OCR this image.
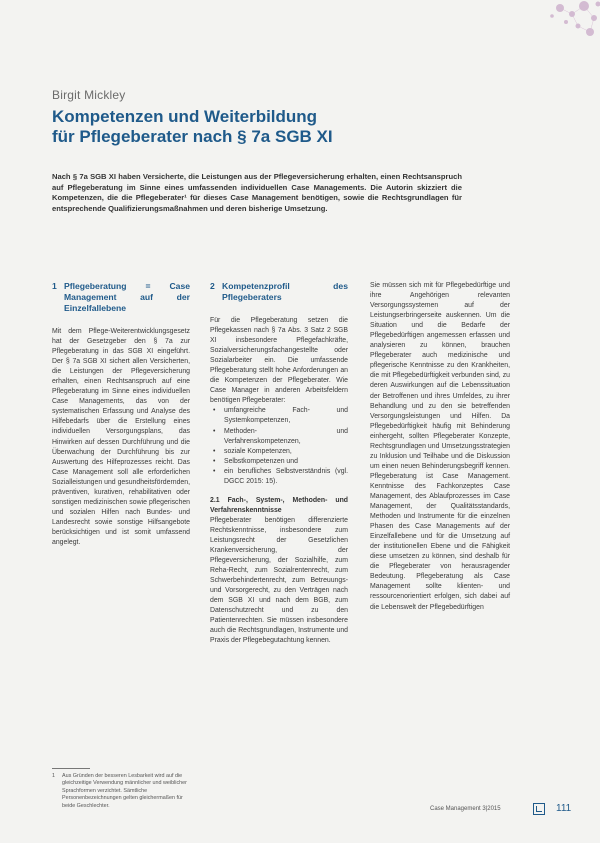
Birgit Mickley
Kompetenzen und Weiterbildung
für Pflegeberater nach § 7a SGB XI
Nach § 7a SGB XI haben Versicherte, die Leistungen aus der Pflegeversicherung erhalten, einen Rechtsanspruch auf Pflegeberatung im Sinne eines umfassenden individuellen Case Managements. Die Autorin skizziert die Kompetenzen, die die Pflegeberater¹ für dieses Case Management benötigen, sowie die Rechtsgrundlagen für entsprechende Qualifizierungsmaßnahmen und deren bisherige Umsetzung.
1 Pflegeberatung = Case Management auf der Einzelfallebene

Mit dem Pflege-Weiterentwicklungsgesetz hat der Gesetzgeber den § 7a zur Pflegeberatung in das SGB XI eingeführt. Der § 7a SGB XI sichert allen Versicherten, die Leistungen der Pflegeversicherung erhalten, einen Rechtsanspruch auf eine Pflegeberatung im Sinne eines individuellen Case Managements, das von der systematischen Erfassung und Analyse des Hilfebedarfs über die Erstellung eines individuellen Versorgungsplans, das Hinwirken auf dessen Durchführung und die Überwachung der Durchführung bis zur Auswertung des Hilfeprozesses reicht. Das Case Management soll alle erforderlichen Sozialleistungen und gesundheitsfördernden, präventiven, kurativen, rehabilitativen oder sonstigen medizinischen sowie pflegerischen und sozialen Hilfen nach Bundes- und Landesrecht sowie sonstige Hilfsangebote berücksichtigen und ist somit umfassend angelegt.

2 Kompetenzprofil des Pflegeberaters

Für die Pflegeberatung setzen die Pflegekassen nach § 7a Abs. 3 Satz 2 SGB XI insbesondere Pflegefachkräfte, Sozialversicherungsfachangestellte oder Sozialarbeiter ein. Die umfassende Pflegeberatung stellt hohe Anforderungen an die Kompetenzen der Pflegeberater. Wie Case Manager in anderen Arbeitsfeldern benötigen Pflegeberater:

• umfangreiche Fach- und Systemkompetenzen,
• Methoden- und Verfahrenskompetenzen,
• soziale Kompetenzen,
• Selbstkompetenzen und
• ein berufliches Selbstverständnis (vgl. DGCC 2015: 15).
2.1 Fach-, System-, Methoden- und Verfahrenskenntnisse

Pflegeberater benötigen differenzierte Rechtskenntnisse, insbesondere zum Leistungsrecht der Gesetzlichen Krankenversicherung, der Pflegeversicherung, der Sozialhilfe, zum Reha-Recht, zum Sozialrentenrecht, zum Schwerbehindertenrecht, zum Betreuungs- und Vorsorgerecht, zu den Verträgen nach dem SGB XI und nach dem BGB, zum Datenschutzrecht und zu den Patientenrechten. Sie müssen insbesondere auch die Rechtsgrundlagen, Instrumente und Praxis der Pflegebegutachtung kennen.

Sie müssen sich mit für Pflegebedürftige und ihre Angehörigen relevanten Versorgungssystemen auf der Leistungserbringerseite auskennen. Um die Situation und die Bedarfe der Pflegebedürftigen angemessen erfassen und analysieren zu können, brauchen Pflegeberater auch medizinische und pflegerische Kenntnisse zu den Krankheiten, die mit Pflegebedürftigkeit verbunden sind, zu deren Auswirkungen auf die Lebenssituation der Betroffenen und ihres Umfeldes, zu ihrer Behandlung und zu den sie betreffenden Versorgungsleistungen und Hilfen. Da Pflegebedürftigkeit häufig mit Behinderung einhergeht, sollten Pflegeberater Konzepte, Rechtsgrundlagen und Umsetzungsstrategien zu Inklusion und Teilhabe und die Diskussion um einen neuen Behinderungsbegriff kennen. Pflegeberatung ist Case Management. Kenntnisse des Fachkonzeptes Case Management, des Ablaufprozesses im Case Management, der Qualitätsstandards, Methoden und Instrumente für die einzelnen Phasen des Case Managements auf der Einzelfallebene und für die Umsetzung auf der institutionellen Ebene und die Fähigkeit diese umsetzen zu können, sind deshalb für die Pflegeberater von herausragender Bedeutung. Pflegeberatung als Case Management sollte klienten- und ressourcenorientiert erfolgen, sich dabei auf die Lebenswelt der Pflegebedürftigen

1	Aus Gründen der besseren Lesbarkeit wird auf die gleichzeitige Verwendung männlicher und weiblicher Sprachformen verzichtet. Sämtliche Personenbezeichnungen gelten gleichermaßen für beide Geschlechter.
Case Management 3|2015	111
